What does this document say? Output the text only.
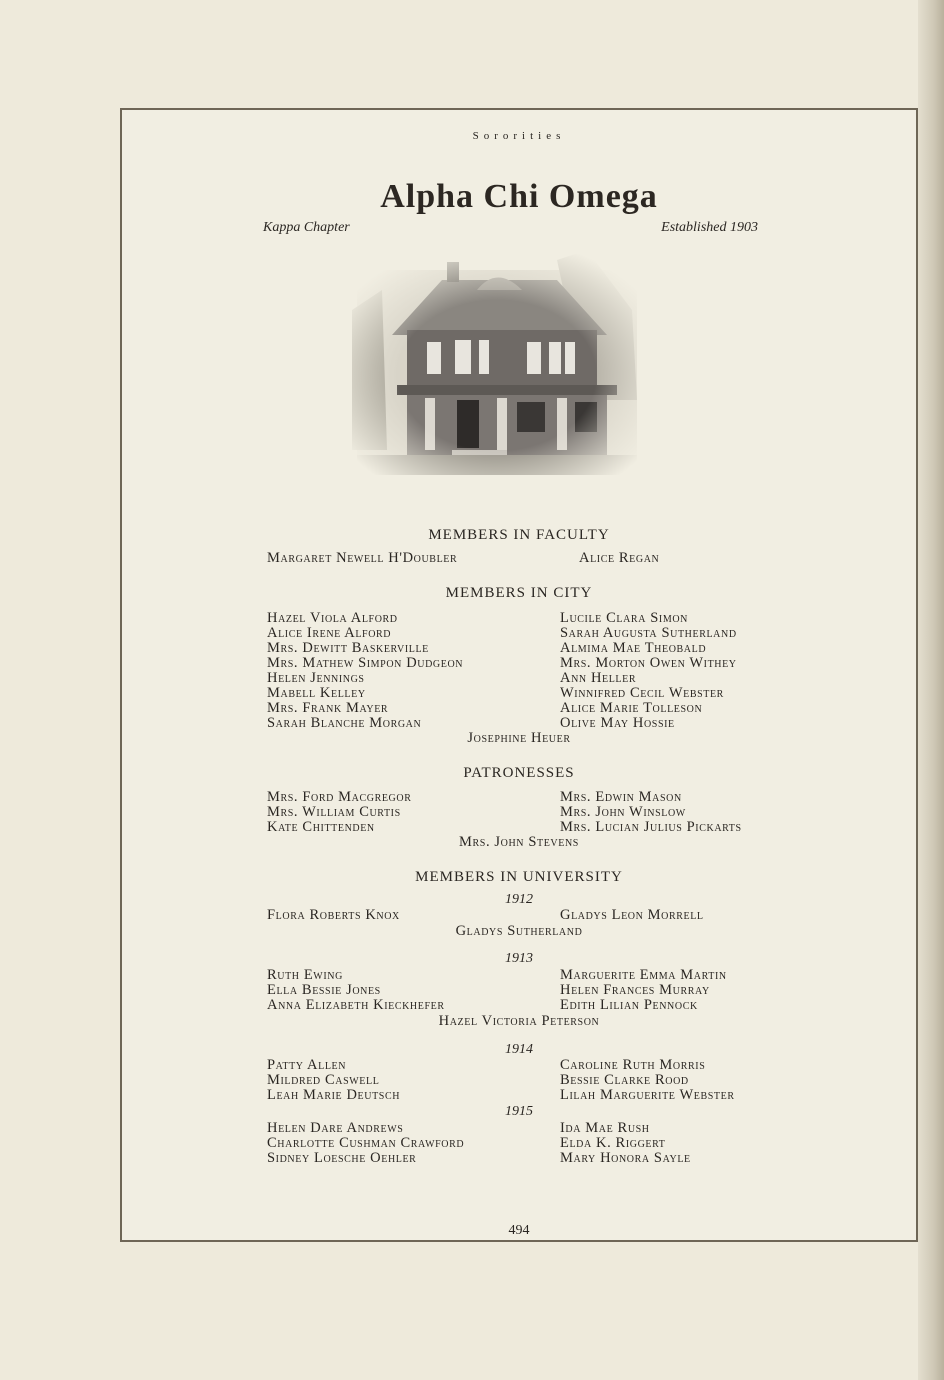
Sororities
Alpha Chi Omega
Kappa Chapter	Established 1903
MEMBERS IN FACULTY
Margaret Newell H'Doubler	Alice Regan
MEMBERS IN CITY
Hazel Viola Alford
Alice Irene Alford
Mrs. Dewitt Baskerville
Mrs. Mathew Simpon Dudgeon
Helen Jennings
Mabell Kelley
Mrs. Frank Mayer
Sarah Blanche Morgan
Lucile Clara Simon
Sarah Augusta Sutherland
Almima Mae Theobald
Mrs. Morton Owen Withey
Ann Heller
Winnifred Cecil Webster
Alice Marie Tolleson
Olive May Hossie
Josephine Heuer
PATRONESSES
Mrs. Ford Macgregor
Mrs. William Curtis
Kate Chittenden
Mrs. Edwin Mason
Mrs. John Winslow
Mrs. Lucian Julius Pickarts
Mrs. John Stevens
MEMBERS IN UNIVERSITY
1912
Flora Roberts Knox	Gladys Leon Morrell
Gladys Sutherland
1913
Ruth Ewing
Ella Bessie Jones
Anna Elizabeth Kieckhefer
Marguerite Emma Martin
Helen Frances Murray
Edith Lilian Pennock
Hazel Victoria Peterson
1914
Patty Allen
Mildred Caswell
Leah Marie Deutsch
Caroline Ruth Morris
Bessie Clarke Rood
Lilah Marguerite Webster
1915
Helen Dare Andrews
Charlotte Cushman Crawford
Sidney Loesche Oehler
Ida Mae Rush
Elda K. Riggert
Mary Honora Sayle
494
